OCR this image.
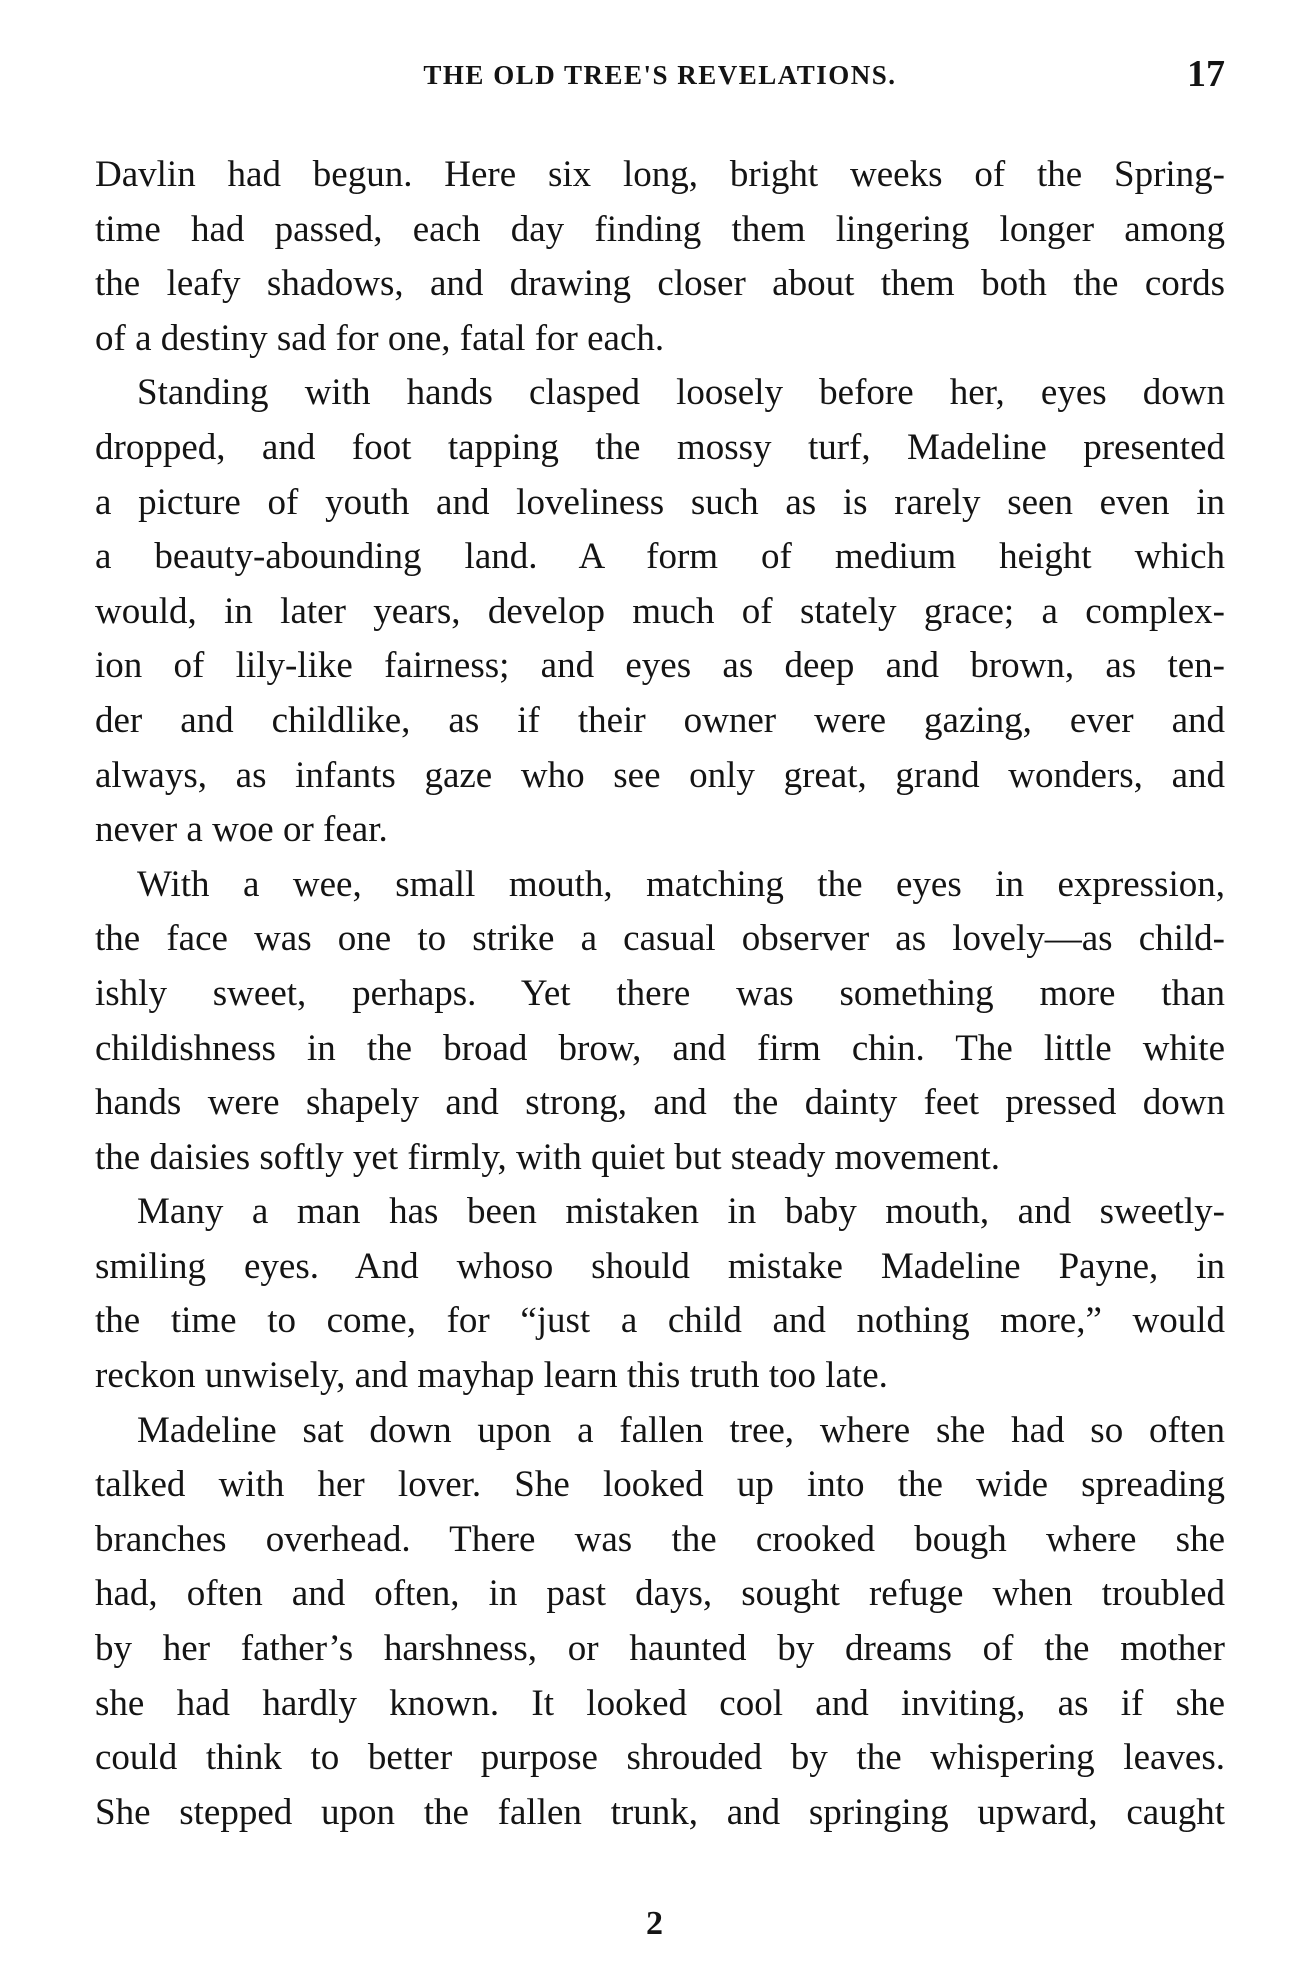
THE OLD TREE'S REVELATIONS.	17
Davlin had begun. Here six long, bright weeks of the Spring-
time had passed, each day finding them lingering longer among
the leafy shadows, and drawing closer about them both the cords
of a destiny sad for one, fatal for each.
Standing with hands clasped loosely before her, eyes down
dropped, and foot tapping the mossy turf, Madeline presented
a picture of youth and loveliness such as is rarely seen even in
a beauty-abounding land. A form of medium height which
would, in later years, develop much of stately grace; a complex-
ion of lily-like fairness; and eyes as deep and brown, as ten-
der and childlike, as if their owner were gazing, ever and
always, as infants gaze who see only great, grand wonders, and
never a woe or fear.
With a wee, small mouth, matching the eyes in expression,
the face was one to strike a casual observer as lovely—as child-
ishly sweet, perhaps. Yet there was something more than
childishness in the broad brow, and firm chin. The little white
hands were shapely and strong, and the dainty feet pressed down
the daisies softly yet firmly, with quiet but steady movement.
Many a man has been mistaken in baby mouth, and sweetly-
smiling eyes. And whoso should mistake Madeline Payne, in
the time to come, for “just a child and nothing more,” would
reckon unwisely, and mayhap learn this truth too late.
Madeline sat down upon a fallen tree, where she had so often
talked with her lover. She looked up into the wide spreading
branches overhead. There was the crooked bough where she
had, often and often, in past days, sought refuge when troubled
by her father’s harshness, or haunted by dreams of the mother
she had hardly known. It looked cool and inviting, as if she
could think to better purpose shrouded by the whispering leaves.
She stepped upon the fallen trunk, and springing upward, caught
2
